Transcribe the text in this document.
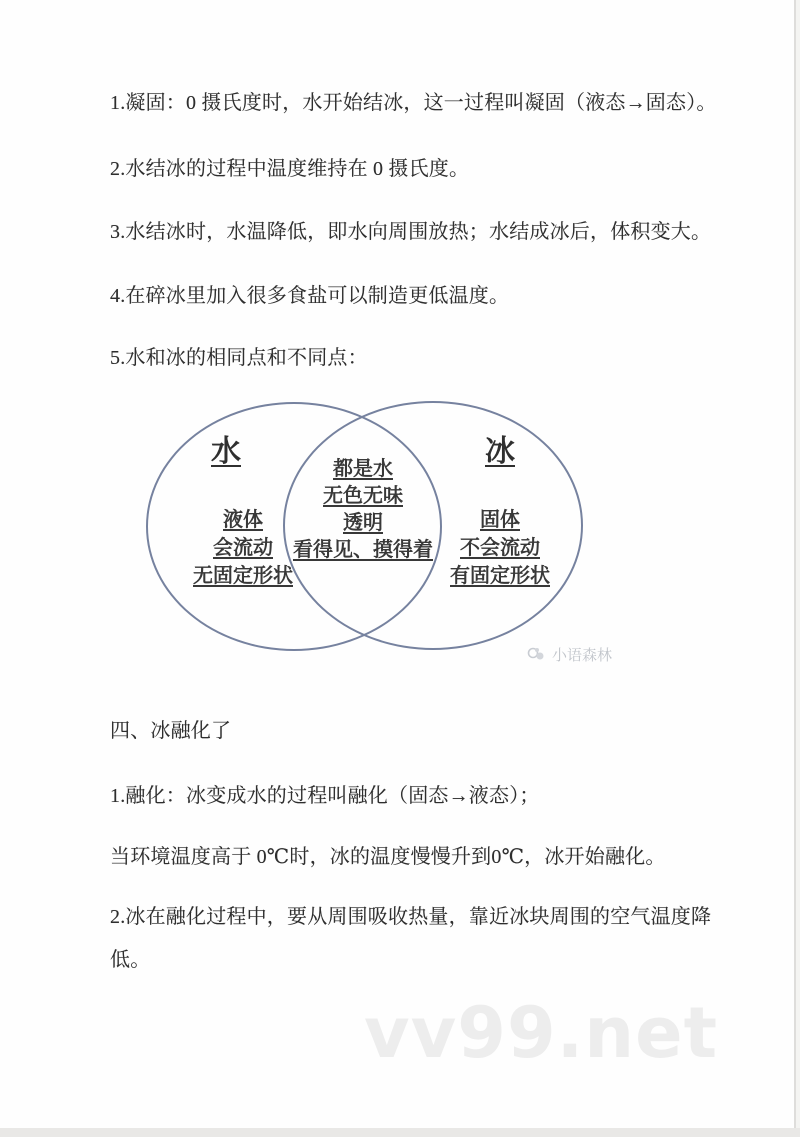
1.凝固：0 摄氏度时，水开始结冰，这一过程叫凝固（液态→固态）。
2.水结冰的过程中温度维持在 0 摄氏度。
3.水结冰时，水温降低，即水向周围放热；水结成冰后，体积变大。
4.在碎冰里加入很多食盐可以制造更低温度。
5.水和冰的相同点和不同点：
水	冰
液体
会流动
无固定形状
都是水
无色无味
透明
看得见、摸得着
固体
不会流动
有固定形状
小语森林
四、冰融化了
1.融化：冰变成水的过程叫融化（固态→液态）；
当环境温度高于 0℃时，冰的温度慢慢升到0℃，冰开始融化。
2.冰在融化过程中，要从周围吸收热量，靠近冰块周围的空气温度降低。
vv99.net
